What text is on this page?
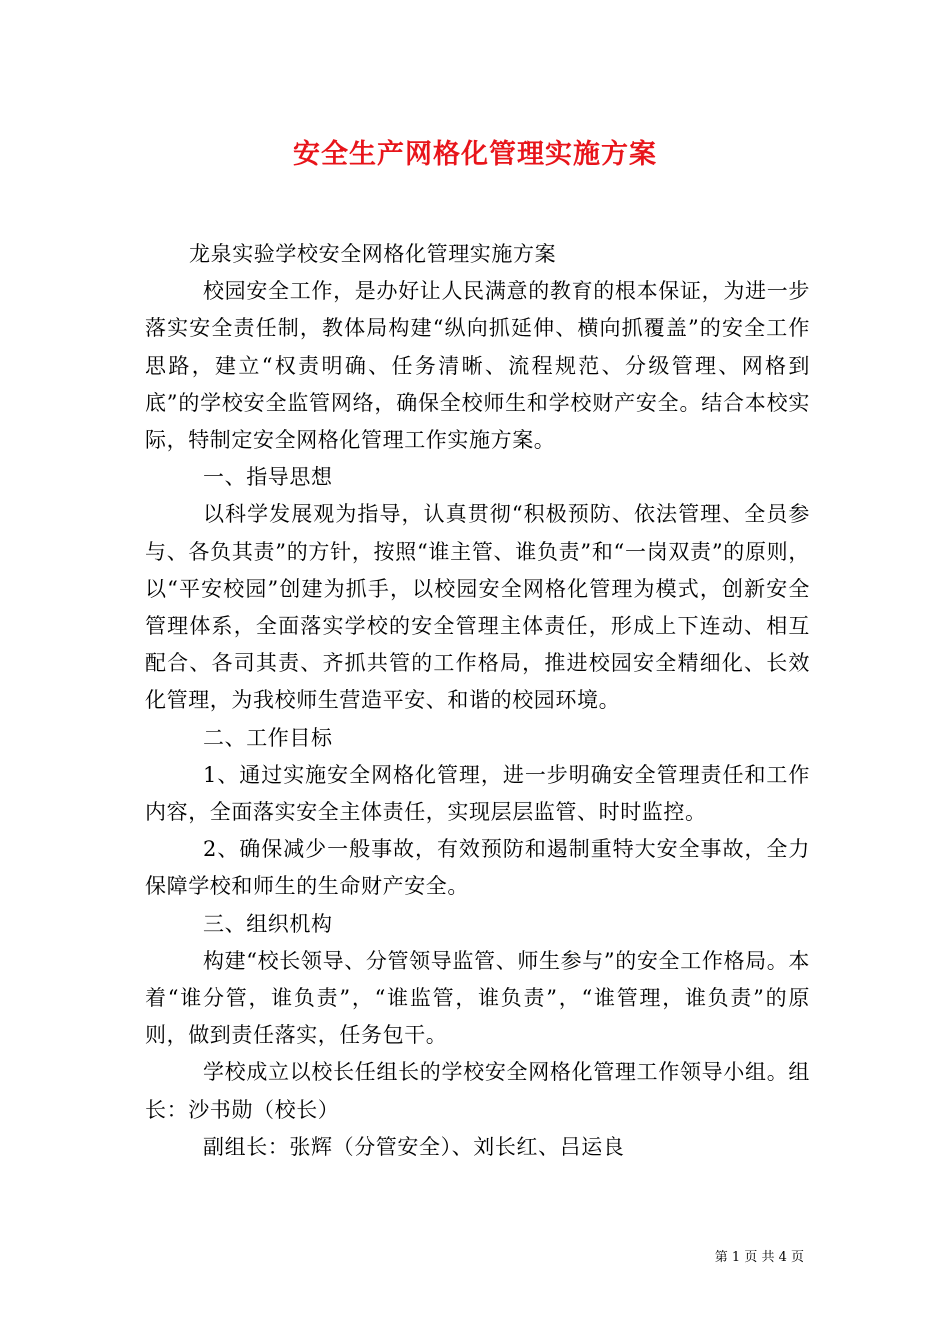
安全生产网格化管理实施方案

龙泉实验学校安全网格化管理实施方案

校园安全工作，是办好让人民满意的教育的根本保证，为进一步落实安全责任制，教体局构建“纵向抓延伸、横向抓覆盖”的安全工作思路，建立“权责明确、任务清晰、流程规范、分级管理、网格到底”的学校安全监管网络，确保全校师生和学校财产安全。结合本校实际，特制定安全网格化管理工作实施方案。

一、指导思想

以科学发展观为指导，认真贯彻“积极预防、依法管理、全员参与、各负其责”的方针，按照“谁主管、谁负责”和“一岗双责”的原则，以“平安校园”创建为抓手，以校园安全网格化管理为模式，创新安全管理体系，全面落实学校的安全管理主体责任，形成上下连动、相互配合、各司其责、齐抓共管的工作格局，推进校园安全精细化、长效化管理，为我校师生营造平安、和谐的校园环境。

二、工作目标

1、通过实施安全网格化管理，进一步明确安全管理责任和工作内容，全面落实安全主体责任，实现层层监管、时时监控。

2、确保减少一般事故，有效预防和遏制重特大安全事故，全力保障学校和师生的生命财产安全。

三、组织机构

构建“校长领导、分管领导监管、师生参与”的安全工作格局。本着“谁分管，谁负责”，“谁监管，谁负责”，“谁管理，谁负责”的原则，做到责任落实，任务包干。

学校成立以校长任组长的学校安全网格化管理工作领导小组。组长：沙书勋（校长）

副组长：张辉（分管安全）、刘长红、吕运良

第 1 页 共 4 页
